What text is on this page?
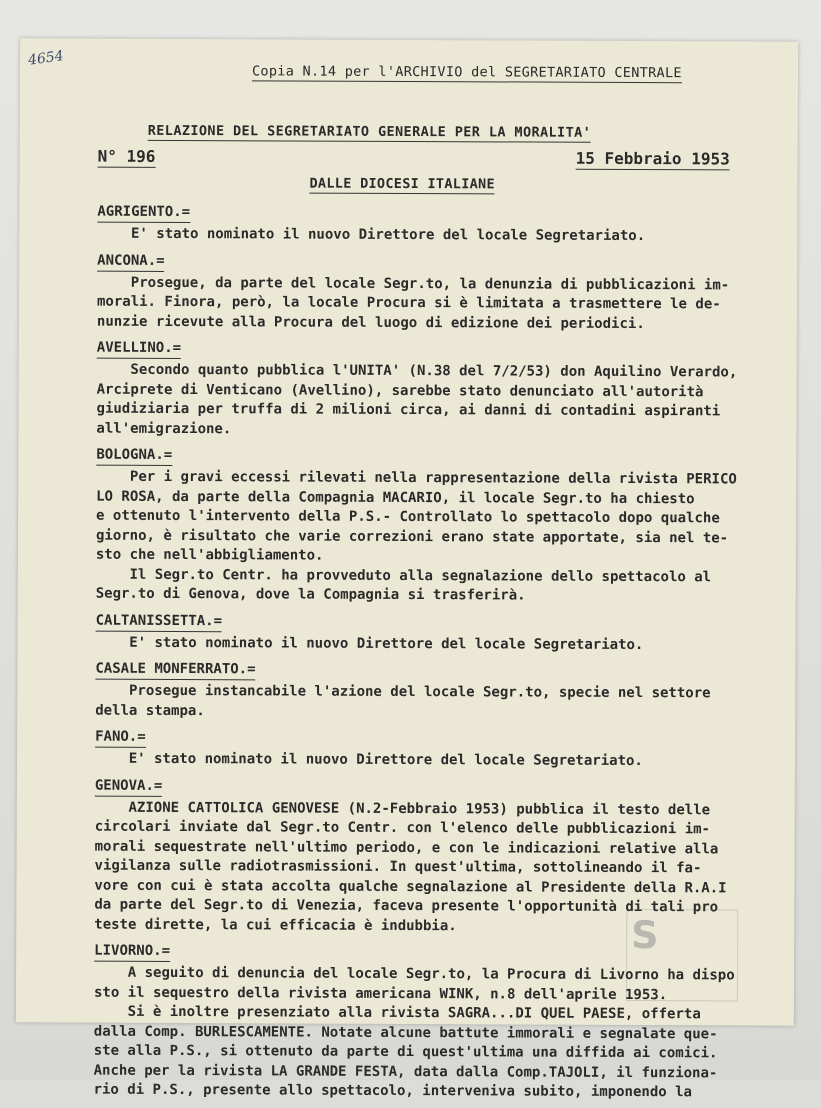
4654
Copia N.14 per l'ARCHIVIO del SEGRETARIATO CENTRALE
RELAZIONE DEL SEGRETARIATO GENERALE PER LA MORALITA'
N° 196	15 Febbraio 1953
DALLE DIOCESI ITALIANE
AGRIGENTO.=
E' stato nominato il nuovo Direttore del locale Segretariato.
ANCONA.=
Prosegue, da parte del locale Segr.to, la denunzia di pubblicazioni im-
morali. Finora, però, la locale Procura si è limitata a trasmettere le de-
nunzie ricevute alla Procura del luogo di edizione dei periodici.
AVELLINO.=
Secondo quanto pubblica l'UNITA' (N.38 del 7/2/53) don Aquilino Verardo,
Arciprete di Venticano (Avellino), sarebbe stato denunciato all'autorità
giudiziaria per truffa di 2 milioni circa, ai danni di contadini aspiranti
all'emigrazione.
BOLOGNA.=
Per i gravi eccessi rilevati nella rappresentazione della rivista PERICO
LO ROSA, da parte della Compagnia MACARIO, il locale Segr.to ha chiesto
e ottenuto l'intervento della P.S.- Controllato lo spettacolo dopo qualche
giorno, è risultato che varie correzioni erano state apportate, sia nel te-
sto che nell'abbigliamento.
Il Segr.to Centr. ha provveduto alla segnalazione dello spettacolo al
Segr.to di Genova, dove la Compagnia si trasferirà.
CALTANISSETTA.=
E' stato nominato il nuovo Direttore del locale Segretariato.
CASALE MONFERRATO.=
Prosegue instancabile l'azione del locale Segr.to, specie nel settore
della stampa.
FANO.=
E' stato nominato il nuovo Direttore del locale Segretariato.
GENOVA.=
AZIONE CATTOLICA GENOVESE (N.2-Febbraio 1953) pubblica il testo delle
circolari inviate dal Segr.to Centr. con l'elenco delle pubblicazioni im-
morali sequestrate nell'ultimo periodo, e con le indicazioni relative alla
vigilanza sulle radiotrasmissioni. In quest'ultima, sottolineando il fa-
vore con cui è stata accolta qualche segnalazione al Presidente della R.A.I
da parte del Segr.to di Venezia, faceva presente l'opportunità di tali pro
teste dirette, la cui efficacia è indubbia.
LIVORNO.=
A seguito di denuncia del locale Segr.to, la Procura di Livorno ha dispo
sto il sequestro della rivista americana WINK, n.8 dell'aprile 1953.
Si è inoltre presenziato alla rivista SAGRA...DI QUEL PAESE, offerta
dalla Comp. BURLESCAMENTE. Notate alcune battute immorali e segnalate que-
ste alla P.S., si ottenuto da parte di quest'ultima una diffida ai comici.
Anche per la rivista LA GRANDE FESTA, data dalla Comp.TAJOLI, il funziona-
rio di P.S., presente allo spettacolo, interveniva subito, imponendo la
S
